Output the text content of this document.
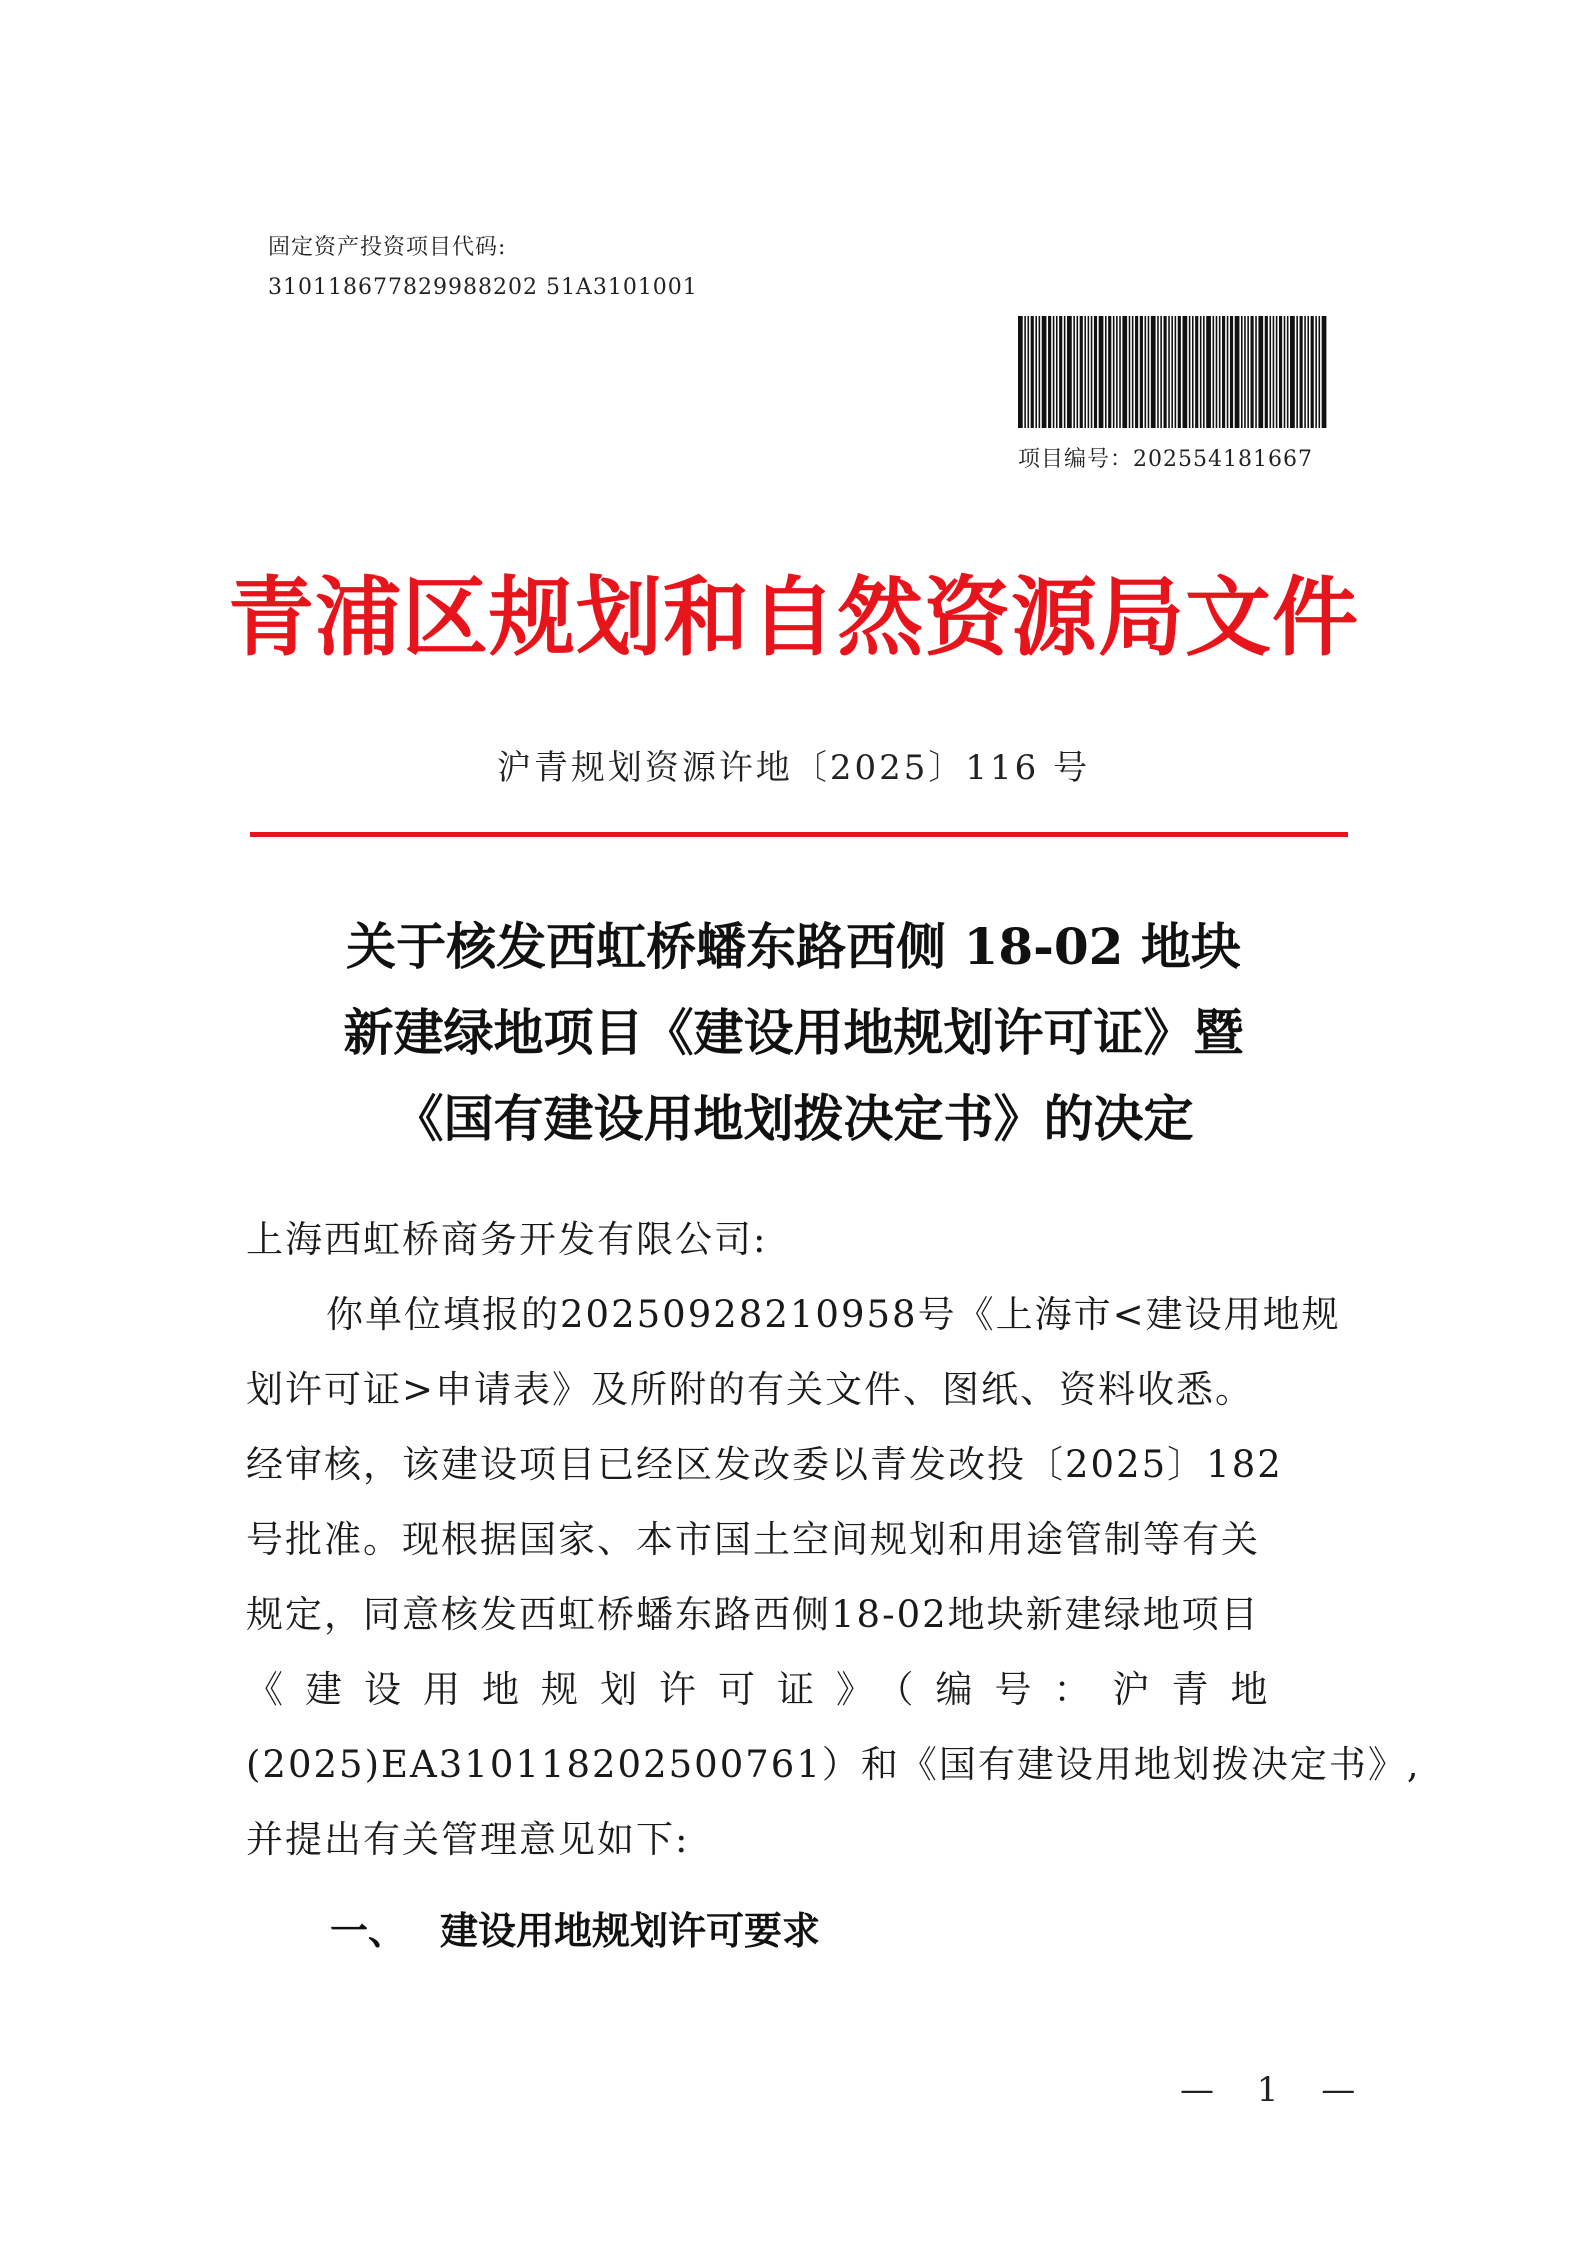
固定资产投资项目代码:
310118677829988202 51A3101001
项目编号：202554181667
青浦区规划和自然资源局文件
沪青规划资源许地〔2025〕116 号
关于核发西虹桥蟠东路西侧 18-02 地块
新建绿地项目《建设用地规划许可证》暨
《国有建设用地划拨决定书》的决定
上海西虹桥商务开发有限公司:
你单位填报的20250928210958号《上海市<建设用地规
划许可证>申请表》及所附的有关文件、图纸、资料收悉。
经审核，该建设项目已经区发改委以青发改投〔2025〕182
号批准。现根据国家、本市国土空间规划和用途管制等有关
规定，同意核发西虹桥蟠东路西侧18-02地块新建绿地项目
《建设用地规划许可证》（编号：沪青地
(2025)EA310118202500761）和《国有建设用地划拨决定书》,
并提出有关管理意见如下:
一、 建设用地规划许可要求
— 1 —
